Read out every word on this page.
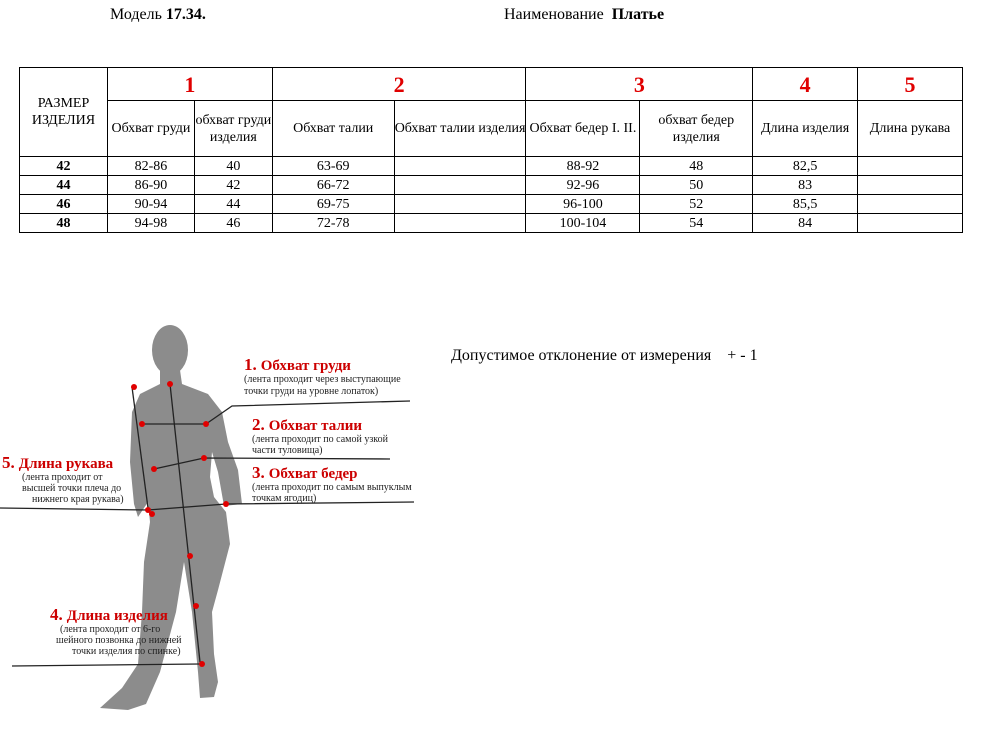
Модель 17.34.	Наименование Платье
РАЗМЕР ИЗДЕЛИЯ	1		2		3		4	5
	Обхват груди	обхват груди изделия	Обхват талии	Обхват талии изделия	Обхват бедер I. II.	обхват бедер изделия	Длина изделия	Длина рукава
42	82-86	40	63-69		88-92	48	82,5	
44	86-90	42	66-72		92-96	50	83	
46	90-94	44	69-75		96-100	52	85,5	
48	94-98	46	72-78		100-104	54	84	
Допустимое отклонение от измерения    + - 1
1. Обхват груди
(лента проходит через выступающие
точки груди на уровне лопаток)
2. Обхват талии
(лента проходит по самой узкой
части туловища)
3. Обхват бедер
(лента проходит по самым выпуклым
точкам ягодиц)
5. Длина рукава
(лента проходит от
высшей точки плеча до
нижнего края рукава)
4. Длина изделия
(лента проходит от 6-го
шейного позвонка до нижней
точки изделия по спинке)
